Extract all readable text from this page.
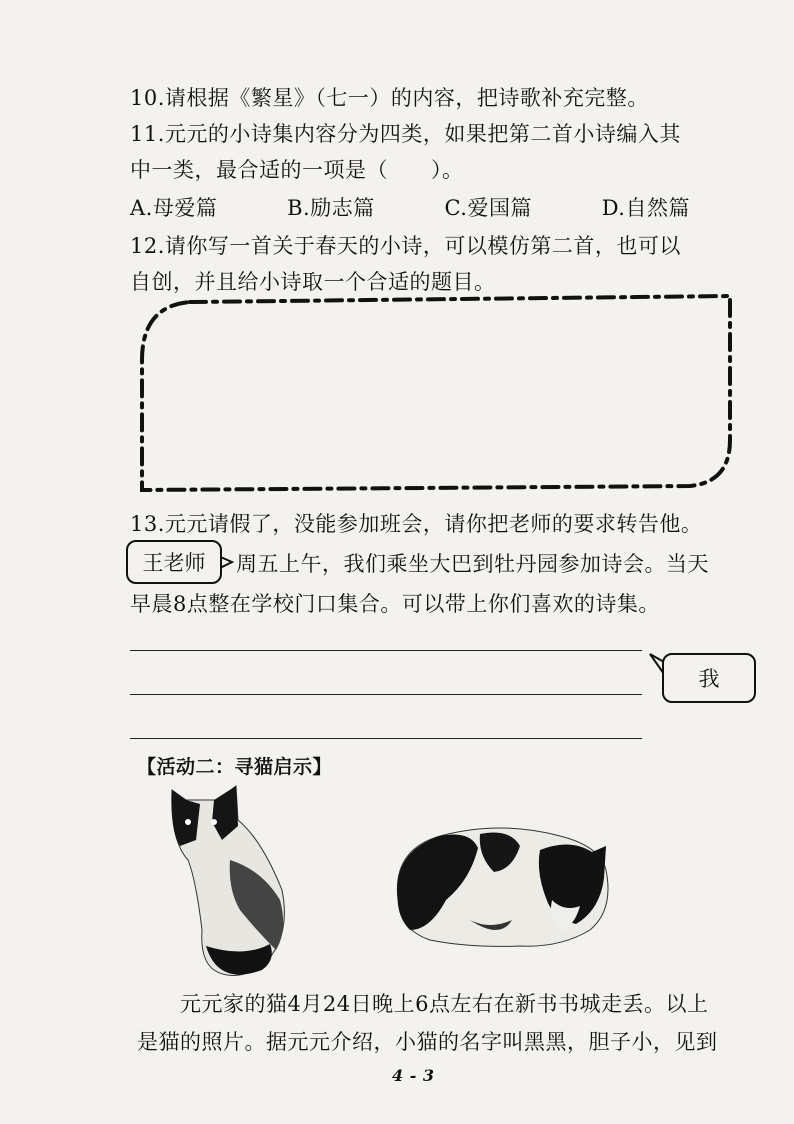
10.请根据《繁星》（七一）的内容，把诗歌补充完整。
11.元元的小诗集内容分为四类，如果把第二首小诗编入其
中一类，最合适的一项是（　　）。
A.母爱篇	B.励志篇	C.爱国篇	D.自然篇
12.请你写一首关于春天的小诗，可以模仿第二首，也可以
自创，并且给小诗取一个合适的题目。
13.元元请假了，没能参加班会，请你把老师的要求转告他。
王老师 周五上午，我们乘坐大巴到牡丹园参加诗会。当天
早晨8点整在学校门口集合。可以带上你们喜欢的诗集。
我
【活动二：寻猫启示】
元元家的猫4月24日晚上6点左右在新书书城走丢。以上
是猫的照片。据元元介绍，小猫的名字叫黑黑，胆子小，见到
4 - 3
